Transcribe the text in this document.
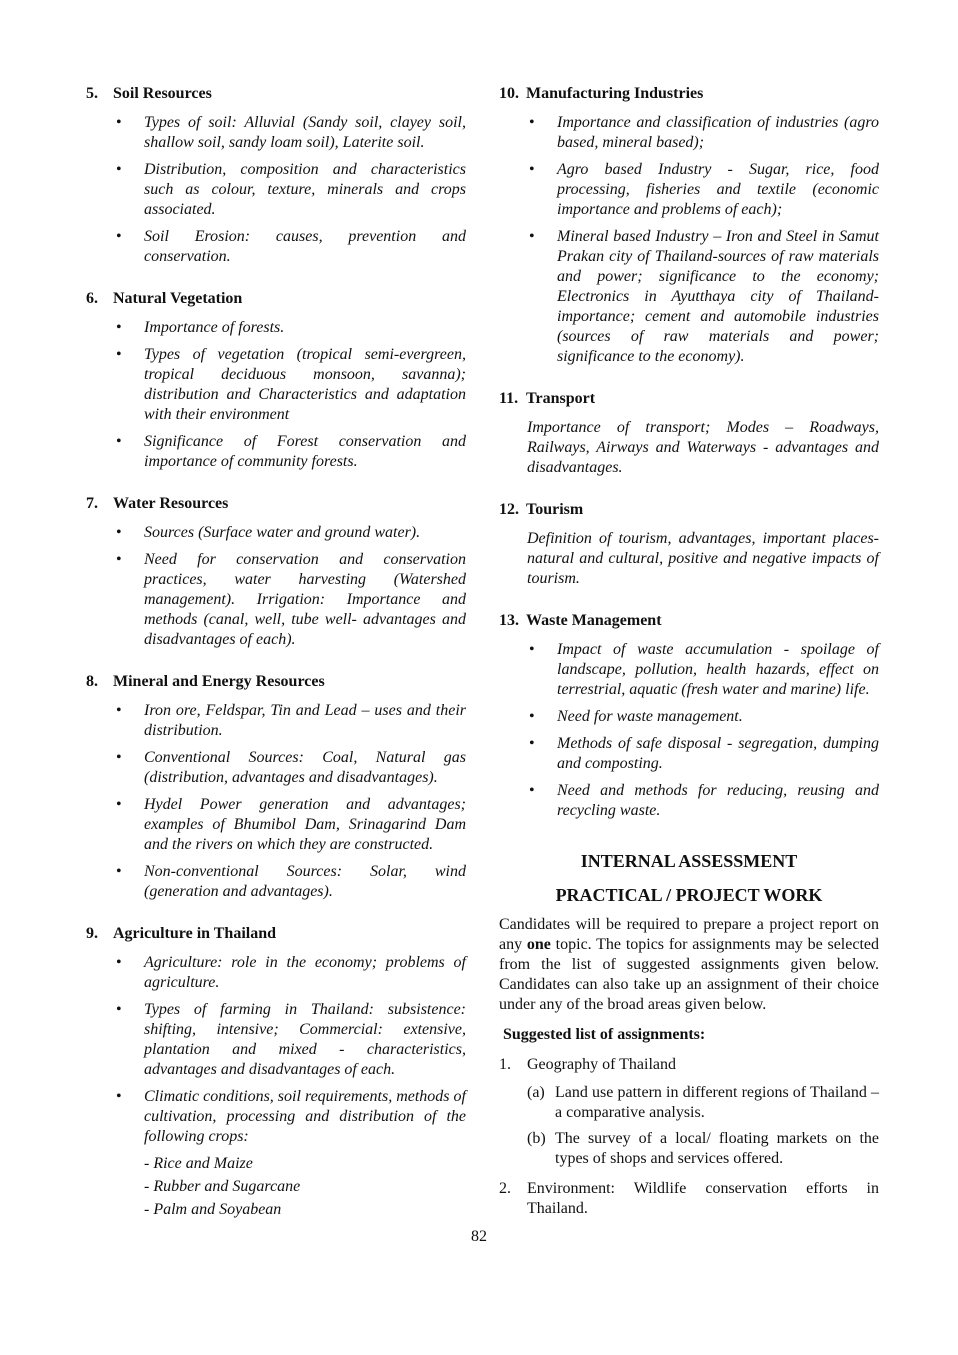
5. Soil Resources
• Types of soil: Alluvial (Sandy soil, clayey soil, shallow soil, sandy loam soil), Laterite soil.
• Distribution, composition and characteristics such as colour, texture, minerals and crops associated.
• Soil Erosion: causes, prevention and conservation.
6. Natural Vegetation
• Importance of forests.
• Types of vegetation (tropical semi-evergreen, tropical deciduous monsoon, savanna); distribution and Characteristics and adaptation with their environment
• Significance of Forest conservation and importance of community forests.
7. Water Resources
• Sources (Surface water and ground water).
• Need for conservation and conservation practices, water harvesting (Watershed management). Irrigation: Importance and methods (canal, well, tube well- advantages and disadvantages of each).
8. Mineral and Energy Resources
• Iron ore, Feldspar, Tin and Lead – uses and their distribution.
• Conventional Sources: Coal, Natural gas (distribution, advantages and disadvantages).
• Hydel Power generation and advantages; examples of Bhumibol Dam, Srinagarind Dam and the rivers on which they are constructed.
• Non-conventional Sources: Solar, wind (generation and advantages).
9. Agriculture in Thailand
• Agriculture: role in the economy; problems of agriculture.
• Types of farming in Thailand: subsistence: shifting, intensive; Commercial: extensive, plantation and mixed - characteristics, advantages and disadvantages of each.
• Climatic conditions, soil requirements, methods of cultivation, processing and distribution of the following crops:
- Rice and Maize
- Rubber and Sugarcane
- Palm and Soyabean
10. Manufacturing Industries
• Importance and classification of industries (agro based, mineral based);
• Agro based Industry - Sugar, rice, food processing, fisheries and textile (economic importance and problems of each);
• Mineral based Industry – Iron and Steel in Samut Prakan city of Thailand-sources of raw materials and power; significance to the economy; Electronics in Ayutthaya city of Thailand- importance; cement and automobile industries (sources of raw materials and power; significance to the economy).
11. Transport
Importance of transport; Modes – Roadways, Railways, Airways and Waterways - advantages and disadvantages.
12. Tourism
Definition of tourism, advantages, important places-natural and cultural, positive and negative impacts of tourism.
13. Waste Management
• Impact of waste accumulation - spoilage of landscape, pollution, health hazards, effect on terrestrial, aquatic (fresh water and marine) life.
• Need for waste management.
• Methods of safe disposal - segregation, dumping and composting.
• Need and methods for reducing, reusing and recycling waste.
INTERNAL ASSESSMENT
PRACTICAL / PROJECT WORK
Candidates will be required to prepare a project report on any one topic. The topics for assignments may be selected from the list of suggested assignments given below. Candidates can also take up an assignment of their choice under any of the broad areas given below.
Suggested list of assignments:
1. Geography of Thailand
(a) Land use pattern in different regions of Thailand – a comparative analysis.
(b) The survey of a local/ floating markets on the types of shops and services offered.
2. Environment: Wildlife conservation efforts in Thailand.
82
